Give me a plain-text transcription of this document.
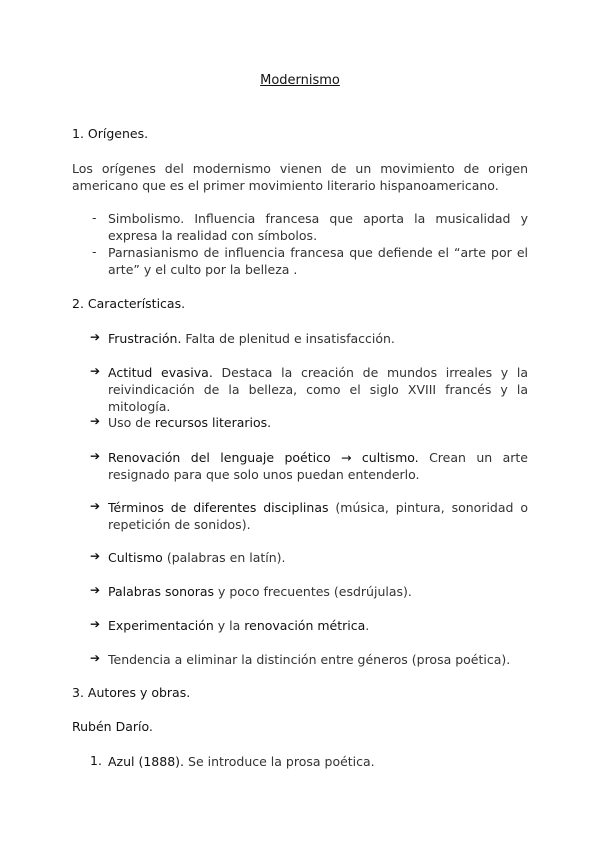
Modernismo
1. Orígenes.
Los orígenes del modernismo vienen de un movimiento de origen americano que es el primer movimiento literario hispanoamericano.
- Simbolismo. Influencia francesa que aporta la musicalidad y expresa la realidad con símbolos.
- Parnasianismo de influencia francesa que defiende el “arte por el arte” y el culto por la belleza .
2. Características.
➔ Frustración. Falta de plenitud e insatisfacción.
➔ Actitud evasiva. Destaca la creación de mundos irreales y la reivindicación de la belleza, como el siglo XVIII francés y la mitología.
➔ Uso de recursos literarios.
➔ Renovación del lenguaje poético → cultismo. Crean un arte resignado para que solo unos puedan entenderlo.
➔ Términos de diferentes disciplinas (música, pintura, sonoridad o repetición de sonidos).
➔ Cultismo (palabras en latín).
➔ Palabras sonoras y poco frecuentes (esdrújulas).
➔ Experimentación y la renovación métrica.
➔ Tendencia a eliminar la distinción entre géneros (prosa poética).
3. Autores y obras.
Rubén Darío.
1. Azul (1888). Se introduce la prosa poética.
